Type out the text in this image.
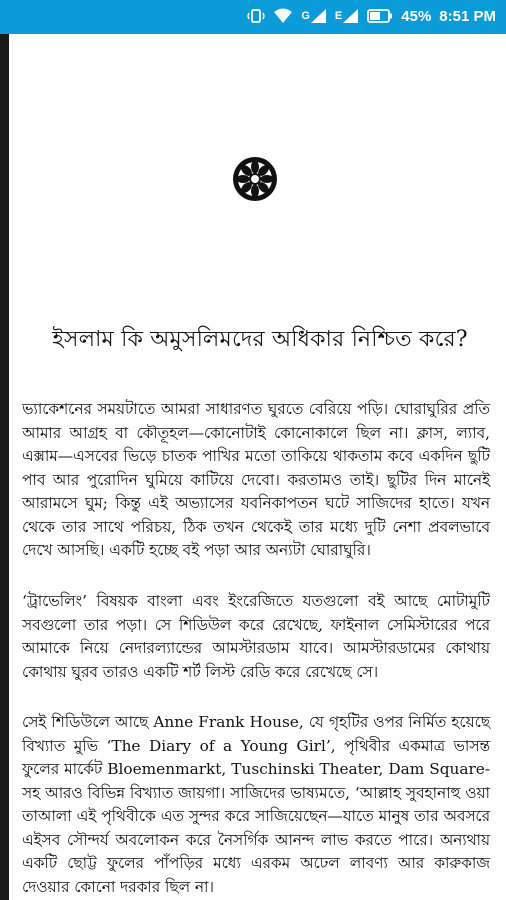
G E	45% 8:51 PM
ইসলাম কি অমুসলিমদের অধিকার নিশ্চিত করে?

ভ্যাকেশনের সময়টাতে আমরা সাধারণত ঘুরতে বেরিয়ে পড়ি। ঘোরাঘুরির প্রতি আমার আগ্রহ বা কৌতূহল—কোনোটাই কোনোকালে ছিল না। ক্লাস, ল্যাব, এক্সাম—এসবের ভিড়ে চাতক পাখির মতো তাকিয়ে থাকতাম কবে একদিন ছুটি পাব আর পুরোদিন ঘুমিয়ে কাটিয়ে দেবো। করতামও তাই। ছুটির দিন মানেই আরামসে ঘুম; কিন্তু এই অভ্যাসের যবনিকাপতন ঘটে সাজিদের হাতে। যখন থেকে তার সাথে পরিচয়, ঠিক তখন থেকেই তার মধ্যে দুটি নেশা প্রবলভাবে দেখে আসছি। একটি হচ্ছে বই পড়া আর অন্যটা ঘোরাঘুরি।

‘ট্রাভেলিং’ বিষয়ক বাংলা এবং ইংরেজিতে যতগুলো বই আছে মোটামুটি সবগুলো তার পড়া। সে শিডিউল করে রেখেছে, ফাইনাল সেমিস্টারের পরে আমাকে নিয়ে নেদারল্যান্ডের আমস্টারডাম যাবে। আমস্টারডামের কোথায় কোথায় ঘুরব তারও একটি শর্ট লিস্ট রেডি করে রেখেছে সে।

সেই শিডিউলে আছে Anne Frank House, যে গৃহটির ওপর নির্মিত হয়েছে বিখ্যাত মুভি ‘The Diary of a Young Girl’, পৃথিবীর একমাত্র ভাসন্ত ফুলের মার্কেট Bloemenmarkt, Tuschinski Theater, Dam Square-সহ আরও বিভিন্ন বিখ্যাত জায়গা। সাজিদের ভাষ্যমতে, ‘আল্লাহ সুবহানাহু ওয়া তাআলা এই পৃথিবীকে এত সুন্দর করে সাজিয়েছেন—যাতে মানুষ তার অবসরে এইসব সৌন্দর্য অবলোকন করে নৈসর্গিক আনন্দ লাভ করতে পারে। অন্যথায় একটি ছোট্ট ফুলের পাঁপড়ির মধ্যে এরকম অঢেল লাবণ্য আর কারুকাজ দেওয়ার কোনো দরকার ছিল না।
